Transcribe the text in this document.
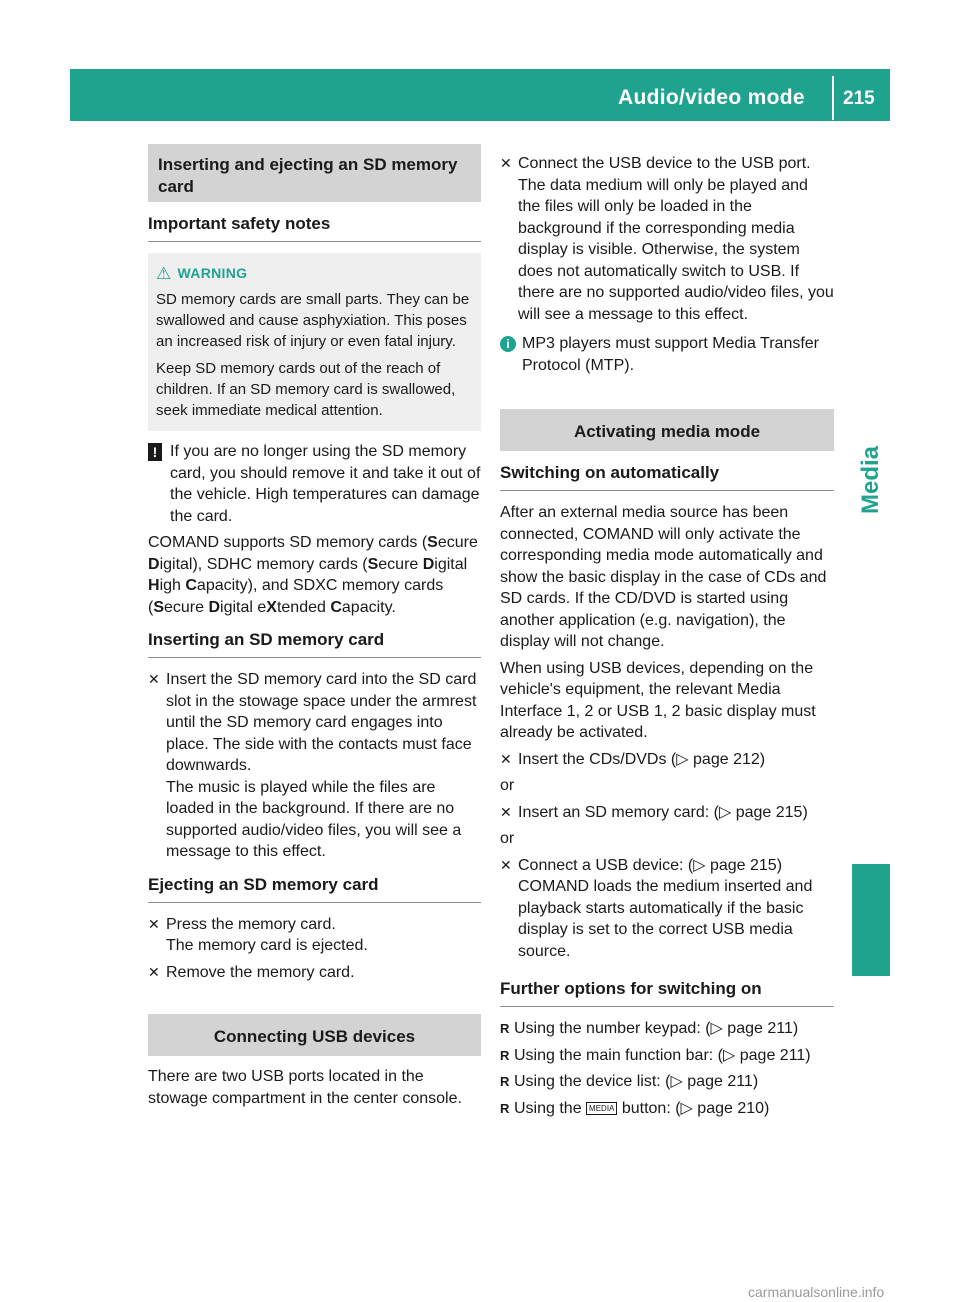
Audio/video mode 215
Media
Inserting and ejecting an SD memory card
Important safety notes
⚠ WARNING

SD memory cards are small parts. They can be swallowed and cause asphyxiation. This poses an increased risk of injury or even fatal injury.

Keep SD memory cards out of the reach of children. If an SD memory card is swallowed, seek immediate medical attention.

! If you are no longer using the SD memory card, you should remove it and take it out of the vehicle. High temperatures can damage the card.

COMAND supports SD memory cards (Secure Digital), SDHC memory cards (Secure Digital High Capacity), and SDXC memory cards (Secure Digital eXtended Capacity.

Inserting an SD memory card
✕ Insert the SD memory card into the SD card slot in the stowage space under the armrest until the SD memory card engages into place. The side with the contacts must face downwards.
The music is played while the files are loaded in the background. If there are no supported audio/video files, you will see a message to this effect.
Ejecting an SD memory card
✕ Press the memory card.
The memory card is ejected.
✕ Remove the memory card.
Connecting USB devices

There are two USB ports located in the stowage compartment in the center console.

✕ Connect the USB device to the USB port.
The data medium will only be played and the files will only be loaded in the background if the corresponding media display is visible. Otherwise, the system does not automatically switch to USB. If there are no supported audio/video files, you will see a message to this effect.
i MP3 players must support Media Transfer Protocol (MTP).
Activating media mode
Switching on automatically

After an external media source has been connected, COMAND will only activate the corresponding media mode automatically and show the basic display in the case of CDs and SD cards. If the CD/DVD is started using another application (e.g. navigation), the display will not change.

When using USB devices, depending on the vehicle's equipment, the relevant Media Interface 1, 2 or USB 1, 2 basic display must already be activated.

✕ Insert the CDs/DVDs (▷ page 212)

or

✕ Insert an SD memory card: (▷ page 215)

or

✕ Connect a USB device: (▷ page 215)
COMAND loads the medium inserted and playback starts automatically if the basic display is set to the correct USB media source.
Further options for switching on
R Using the number keypad: (▷ page 211)
R Using the main function bar: (▷ page 211)
R Using the device list: (▷ page 211)
R Using the MEDIA button: (▷ page 210)
carmanualsonline.info
